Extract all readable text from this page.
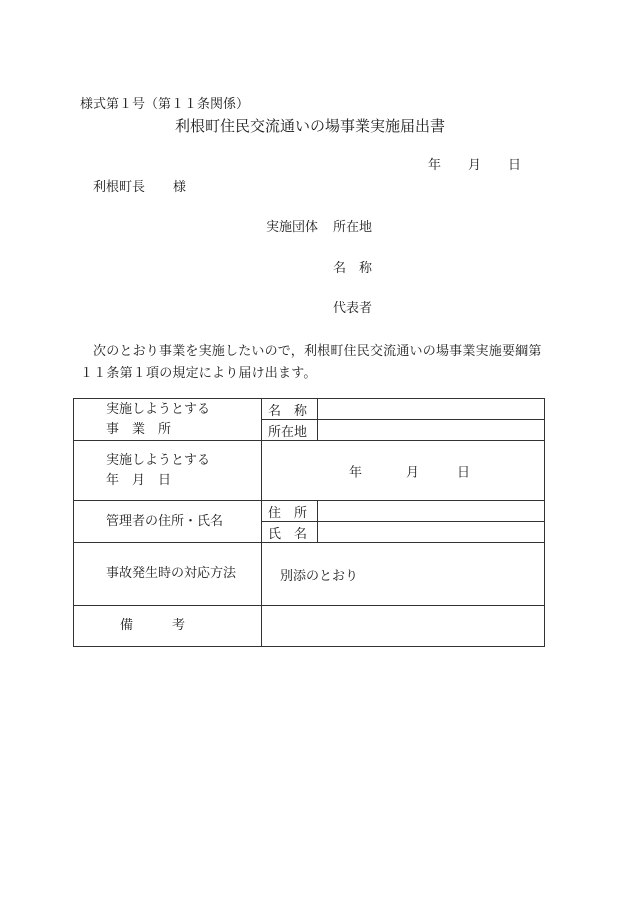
様式第１号（第１１条関係）
利根町住民交流通いの場事業実施届出書
年 月 日
利根町長 様
実施団体 所在地
名　称
代表者

次のとおり事業を実施したいので，利根町住民交流通いの場事業実施要綱第

１１条第１項の規定により届け出ます。

実施しようとする
事　業　所	名　称	

	所在地	

実施しようとする
年　月　日	年 月 日	

管理者の住所・氏名	住　所	

	氏　名	

事故発生時の対応方法	別添のとおり	

備　　　考		
